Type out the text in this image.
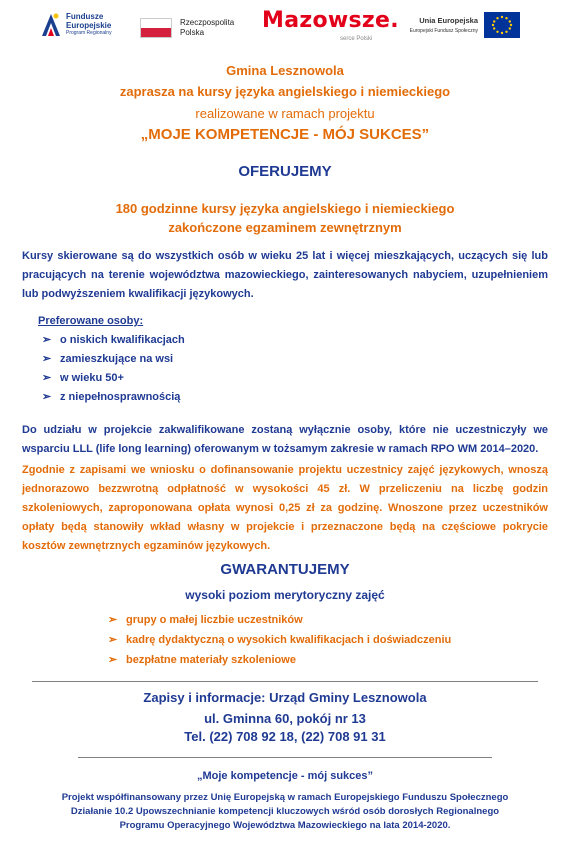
Fundusze
Europejskie
Program Regionalny
Rzeczpospolita
Polska	Mazowsze.
serce Polski
Unia Europejska
Europejski Fundusz Społeczny
Gmina Lesznowola
zaprasza na kursy języka angielskiego i niemieckiego
realizowane w ramach projektu
„MOJE KOMPETENCJE - MÓJ SUKCES”
OFERUJEMY
180 godzinne kursy języka angielskiego i niemieckiego
zakończone egzaminem zewnętrznym
Kursy skierowane są do wszystkich osób w wieku 25 lat i więcej mieszkających, uczących się lub pracujących na terenie województwa mazowieckiego, zainteresowanych nabyciem, uzupełnieniem lub podwyższeniem kwalifikacji językowych.
Preferowane osoby:
➢ o niskich kwalifikacjach
➢ zamieszkujące na wsi
➢ w wieku 50+
➢ z niepełnosprawnością
Do udziału w projekcie zakwalifikowane zostaną wyłącznie osoby, które nie uczestniczyły we wsparciu LLL (life long learning) oferowanym w tożsamym zakresie w ramach RPO WM 2014–2020.
Zgodnie z zapisami we wniosku o dofinansowanie projektu uczestnicy zajęć językowych, wnoszą jednorazowo bezzwrotną odpłatność w wysokości 45 zł. W przeliczeniu na liczbę godzin szkoleniowych, zaproponowana opłata wynosi 0,25 zł za godzinę. Wnoszone przez uczestników opłaty będą stanowiły wkład własny w projekcie i przeznaczone będą na częściowe pokrycie kosztów zewnętrznych egzaminów językowych.
GWARANTUJEMY
wysoki poziom merytoryczny zajęć
➢ grupy o małej liczbie uczestników
➢ kadrę dydaktyczną o wysokich kwalifikacjach i doświadczeniu
➢ bezpłatne materiały szkoleniowe
Zapisy i informacje: Urząd Gminy Lesznowola
ul. Gminna 60, pokój nr 13
Tel. (22) 708 92 18, (22) 708 91 31
„Moje kompetencje - mój sukces”
Projekt współfinansowany przez Unię Europejską w ramach Europejskiego Funduszu Społecznego
Działanie 10.2 Upowszechnianie kompetencji kluczowych wśród osób dorosłych Regionalnego
Programu Operacyjnego Województwa Mazowieckiego na lata 2014-2020.
